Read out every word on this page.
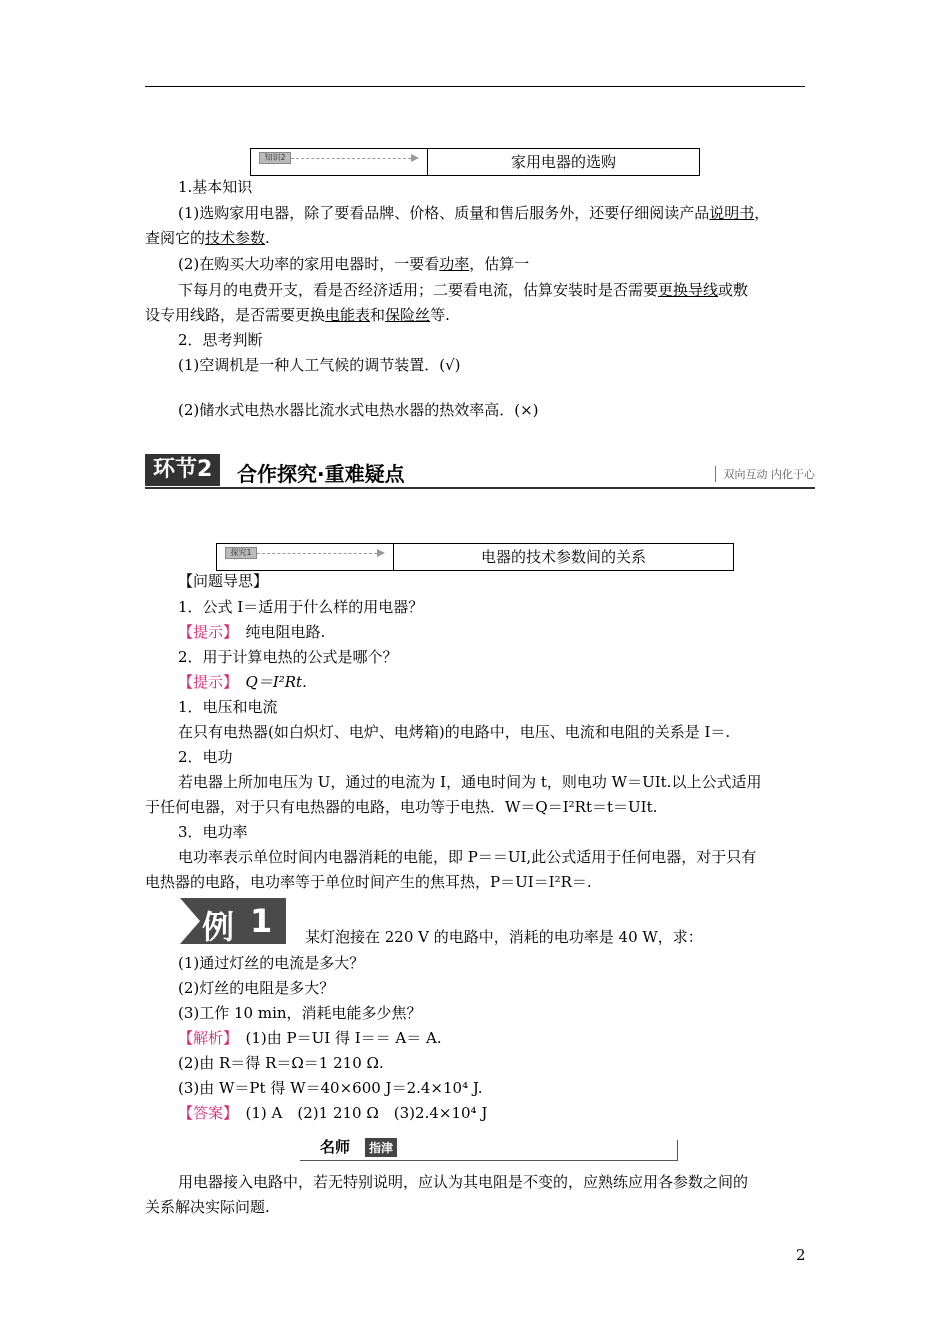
知识2	家用电器的选购
1.基本知识
(1)选购家用电器，除了要看品牌、价格、质量和售后服务外，还要仔细阅读产品说明书，
查阅它的技术参数.
(2)在购买大功率的家用电器时，一要看功率，估算一
下每月的电费开支，看是否经济适用；二要看电流，估算安装时是否需要更换导线或敷
设专用线路，是否需要更换电能表和保险丝等.
2．思考判断
(1)空调机是一种人工气候的调节装置．(√)
(2)储水式电热水器比流水式电热水器的热效率高．(×)
环节2	合作探究·重难疑点	双向互动 内化于心
探究1	电器的技术参数间的关系
【问题导思】
1．公式 I＝适用于什么样的用电器？
【提示】　 纯电阻电路.
2．用于计算电热的公式是哪个？
【提示】　 Q＝I²Rt.
1．电压和电流
在只有电热器(如白炽灯、电炉、电烤箱)的电路中，电压、电流和电阻的关系是 I＝.
2．电功
若电器上所加电压为 U，通过的电流为 I，通电时间为 t，则电功 W＝UIt.以上公式适用
于任何电器，对于只有电热器的电路，电功等于电热．W＝Q＝I²Rt＝t＝UIt.
3．电功率
电功率表示单位时间内电器消耗的电能，即 P＝＝UI,此公式适用于任何电器，对于只有
电热器的电路，电功率等于单位时间产生的焦耳热，P＝UI＝I²R＝.
例 1 某灯泡接在 220 V 的电路中，消耗的电功率是 40 W，求：
(1)通过灯丝的电流是多大？
(2)灯丝的电阻是多大？
(3)工作 10 min，消耗电能多少焦？
【解析】　 (1)由 P＝UI 得 I＝＝ A＝ A.
(2)由 R＝得 R＝Ω＝1 210 Ω.
(3)由 W＝Pt 得 W＝40×600 J＝2.4×10⁴ J.
【答案】　 (1) A　(2)1 210 Ω　(3)2.4×10⁴ J
名师	指津
用电器接入电路中，若无特别说明，应认为其电阻是不变的，应熟练应用各参数之间的
关系解决实际问题.
2
